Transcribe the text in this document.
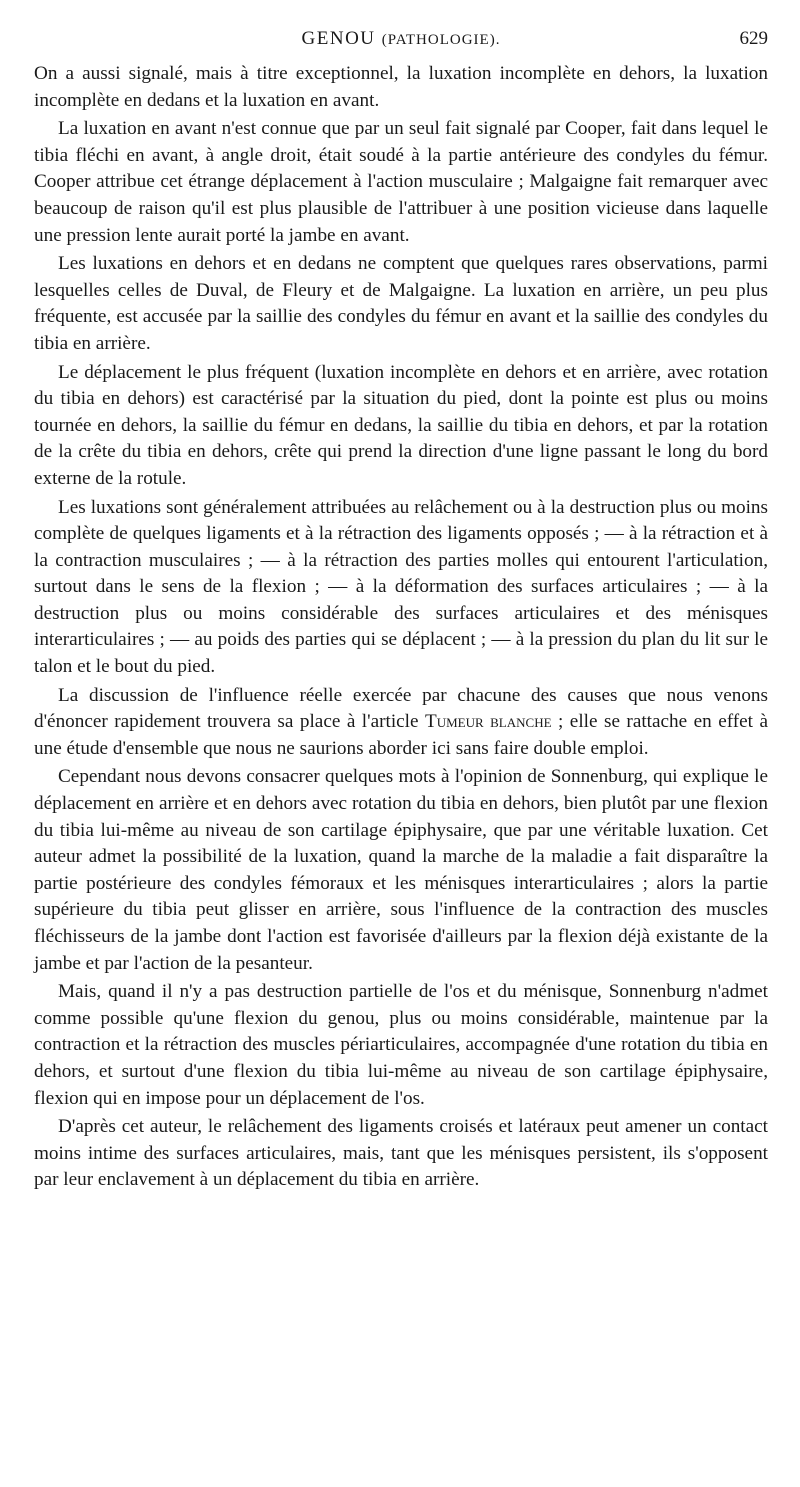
GENOU (PATHOLOGIE).	629

On a aussi signalé, mais à titre exceptionnel, la luxation incomplète en dehors, la luxation incomplète en dedans et la luxation en avant.

La luxation en avant n'est connue que par un seul fait signalé par Cooper, fait dans lequel le tibia fléchi en avant, à angle droit, était soudé à la partie antérieure des condyles du fémur. Cooper attribue cet étrange déplacement à l'action musculaire ; Malgaigne fait remarquer avec beaucoup de raison qu'il est plus plausible de l'attribuer à une position vicieuse dans laquelle une pression lente aurait porté la jambe en avant.

Les luxations en dehors et en dedans ne comptent que quelques rares observations, parmi lesquelles celles de Duval, de Fleury et de Malgaigne. La luxation en arrière, un peu plus fréquente, est accusée par la saillie des condyles du fémur en avant et la saillie des condyles du tibia en arrière.

Le déplacement le plus fréquent (luxation incomplète en dehors et en arrière, avec rotation du tibia en dehors) est caractérisé par la situation du pied, dont la pointe est plus ou moins tournée en dehors, la saillie du fémur en dedans, la saillie du tibia en dehors, et par la rotation de la crête du tibia en dehors, crête qui prend la direction d'une ligne passant le long du bord externe de la rotule.

Les luxations sont généralement attribuées au relâchement ou à la destruction plus ou moins complète de quelques ligaments et à la rétraction des ligaments opposés ; — à la rétraction et à la contraction musculaires ; — à la rétraction des parties molles qui entourent l'articulation, surtout dans le sens de la flexion ; — à la déformation des surfaces articulaires ; — à la destruction plus ou moins considérable des surfaces articulaires et des ménisques interarticulaires ; — au poids des parties qui se déplacent ; — à la pression du plan du lit sur le talon et le bout du pied.

La discussion de l'influence réelle exercée par chacune des causes que nous venons d'énoncer rapidement trouvera sa place à l'article Tumeur blanche ; elle se rattache en effet à une étude d'ensemble que nous ne saurions aborder ici sans faire double emploi.

Cependant nous devons consacrer quelques mots à l'opinion de Sonnenburg, qui explique le déplacement en arrière et en dehors avec rotation du tibia en dehors, bien plutôt par une flexion du tibia lui-même au niveau de son cartilage épiphysaire, que par une véritable luxation. Cet auteur admet la possibilité de la luxation, quand la marche de la maladie a fait disparaître la partie postérieure des condyles fémoraux et les ménisques interarticulaires ; alors la partie supérieure du tibia peut glisser en arrière, sous l'influence de la contraction des muscles fléchisseurs de la jambe dont l'action est favorisée d'ailleurs par la flexion déjà existante de la jambe et par l'action de la pesanteur.

Mais, quand il n'y a pas destruction partielle de l'os et du ménisque, Sonnenburg n'admet comme possible qu'une flexion du genou, plus ou moins considérable, maintenue par la contraction et la rétraction des muscles périarticulaires, accompagnée d'une rotation du tibia en dehors, et surtout d'une flexion du tibia lui-même au niveau de son cartilage épiphysaire, flexion qui en impose pour un déplacement de l'os.

D'après cet auteur, le relâchement des ligaments croisés et latéraux peut amener un contact moins intime des surfaces articulaires, mais, tant que les ménisques persistent, ils s'opposent par leur enclavement à un déplacement du tibia en arrière.
